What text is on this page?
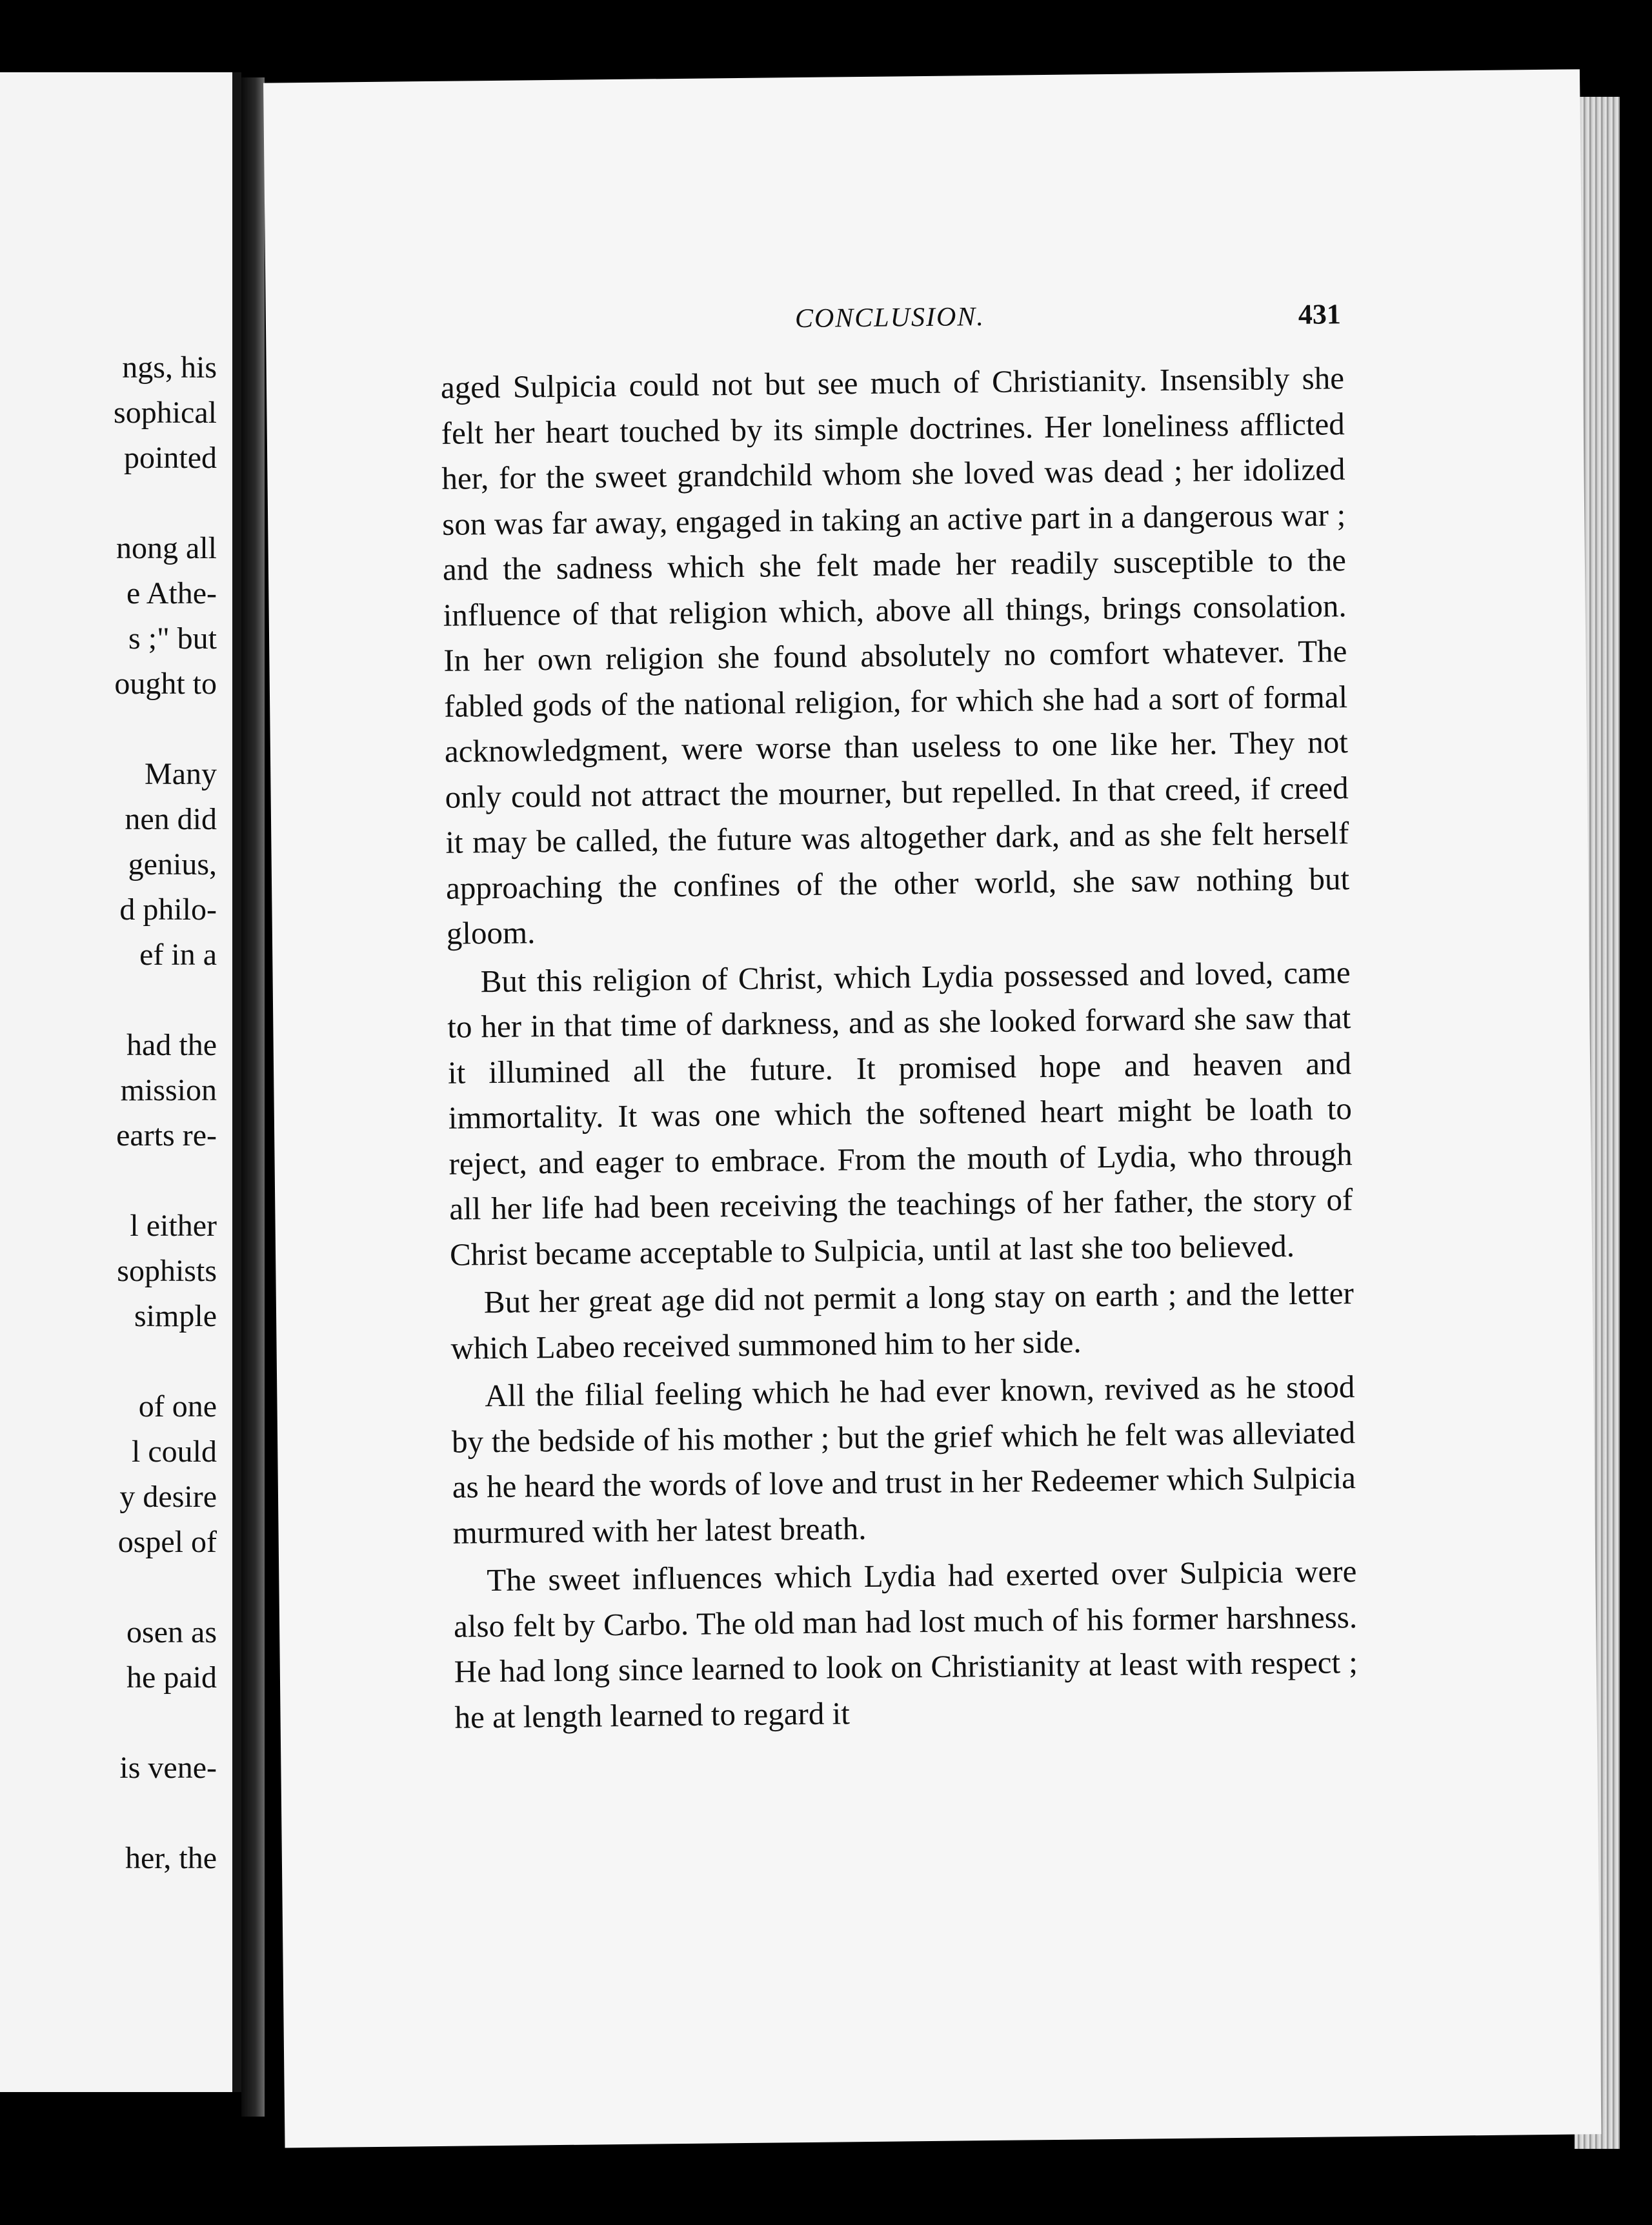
ngs, his
sophical
pointed
nong all
e Athe-
s ;" but
ought to
Many
nen did
genius,
d philo-
ef in a
had the
mission
earts re-
l either
sophists
simple
of one
l could
y desire
ospel of
osen as
he paid
is vene-
her, the
CONCLUSION.	431

aged Sulpicia could not but see much of Christianity. Insensibly she felt her heart touched by its simple doctrines. Her loneliness afflicted her, for the sweet grandchild whom she loved was dead ; her idolized son was far away, engaged in taking an active part in a dangerous war ; and the sadness which she felt made her readily susceptible to the influence of that religion which, above all things, brings consolation. In her own religion she found absolutely no comfort whatever. The fabled gods of the national religion, for which she had a sort of formal acknowledgment, were worse than useless to one like her. They not only could not attract the mourner, but repelled. In that creed, if creed it may be called, the future was altogether dark, and as she felt herself approaching the confines of the other world, she saw nothing but gloom.

But this religion of Christ, which Lydia possessed and loved, came to her in that time of darkness, and as she looked forward she saw that it illumined all the future. It promised hope and heaven and immortality. It was one which the softened heart might be loath to reject, and eager to embrace. From the mouth of Lydia, who through all her life had been receiving the teachings of her father, the story of Christ became acceptable to Sulpicia, until at last she too believed.

But her great age did not permit a long stay on earth ; and the letter which Labeo received summoned him to her side.

All the filial feeling which he had ever known, revived as he stood by the bedside of his mother ; but the grief which he felt was alleviated as he heard the words of love and trust in her Redeemer which Sulpicia murmured with her latest breath.

The sweet influences which Lydia had exerted over Sulpicia were also felt by Carbo. The old man had lost much of his former harshness. He had long since learned to look on Christianity at least with respect ; he at length learned to regard it
